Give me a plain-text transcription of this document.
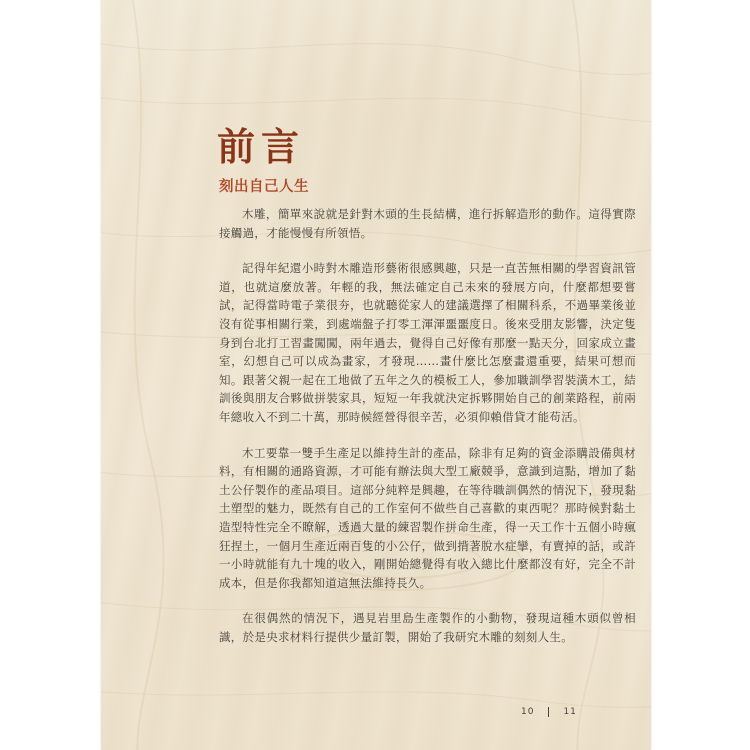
前言
刻出自己人生

木雕，簡單來說就是針對木頭的生長結構，進行拆解造形的動作。這得實際接觸過，才能慢慢有所領悟。

記得年紀還小時對木雕造形藝術很感興趣，只是一直苦無相關的學習資訊管道，也就這麼放著。年輕的我，無法確定自己未來的發展方向，什麼都想要嘗試，記得當時電子業很夯，也就聽從家人的建議選擇了相關科系，不過畢業後並沒有從事相關行業，到處端盤子打零工渾渾噩噩度日。後來受朋友影響，決定隻身到台北打工習畫闖闖，兩年過去，覺得自己好像有那麼一點天分，回家成立畫室，幻想自己可以成為畫家，才發現……畫什麼比怎麼畫還重要，結果可想而知。跟著父親一起在工地做了五年之久的模板工人，參加職訓學習裝潢木工，結訓後與朋友合夥做拼裝家具，短短一年我就決定拆夥開始自己的創業路程，前兩年總收入不到二十萬，那時候經營得很辛苦，必須仰賴借貸才能苟活。

木工要靠一雙手生產足以維持生計的產品，除非有足夠的資金添購設備與材料，有相關的通路資源，才可能有辦法與大型工廠競爭，意識到這點，增加了黏土公仔製作的產品項目。這部分純粹是興趣，在等待職訓偶然的情況下，發現黏土塑型的魅力，既然有自己的工作室何不做些自己喜歡的東西呢？那時候對黏土造型特性完全不瞭解，透過大量的練習製作拼命生產，得一天工作十五個小時瘋狂捏土，一個月生產近兩百隻的小公仔，做到揹著脫水症攣，有賣掉的話，或許一小時就能有九十塊的收入，剛開始總覺得有收入總比什麼都沒有好，完全不計成本，但是你我都知道這無法維持長久。

在很偶然的情況下，遇見岩里島生產製作的小動物，發現這種木頭似曾相識，於是央求材料行提供少量訂製，開始了我研究木雕的刻刻人生。

10	11
